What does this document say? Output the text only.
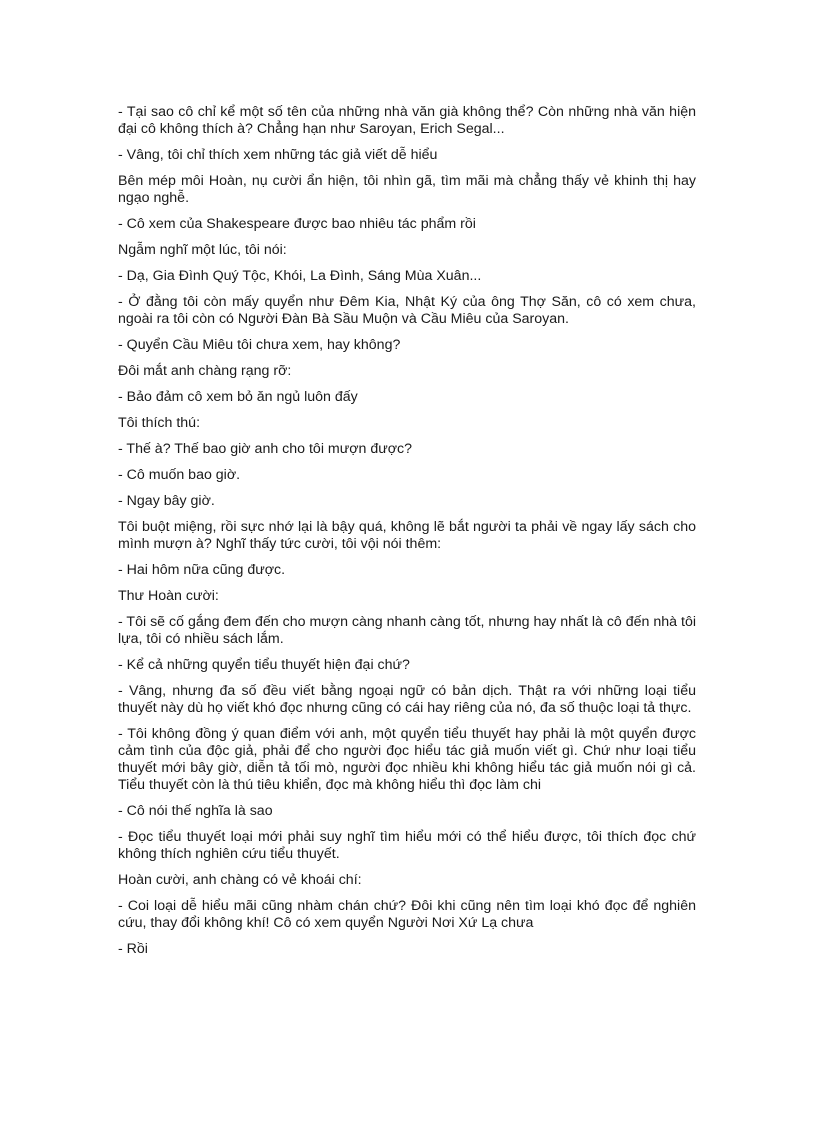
- Tại sao cô chỉ kể một số tên của những nhà văn già không thể? Còn những nhà văn hiện đại cô không thích à? Chẳng hạn như Saroyan, Erich Segal...

- Vâng, tôi chỉ thích xem những tác giả viết dễ hiểu

Bên mép môi Hoàn, nụ cười ẩn hiện, tôi nhìn gã, tìm mãi mà chẳng thấy vẻ khinh thị hay ngạo nghễ.

- Cô xem của Shakespeare được bao nhiêu tác phẩm rồi

Ngẫm nghĩ một lúc, tôi nói:

- Dạ, Gia Đình Quý Tộc, Khói, La Đình, Sáng Mùa Xuân...

- Ở đằng tôi còn mấy quyển như Đêm Kia, Nhật Ký của ông Thợ Săn, cô có xem chưa, ngoài ra tôi còn có Người Đàn Bà Sầu Muộn và Cầu Miêu của Saroyan.

- Quyển Cầu Miêu tôi chưa xem, hay không?

Đôi mắt anh chàng rạng rỡ:

- Bảo đảm cô xem bỏ ăn ngủ luôn đấy

Tôi thích thú:

- Thế à? Thế bao giờ anh cho tôi mượn được?

- Cô muốn bao giờ.

- Ngay bây giờ.

Tôi buột miệng, rồi sực nhớ lại là bậy quá, không lẽ bắt người ta phải về ngay lấy sách cho mình mượn à? Nghĩ thấy tức cười, tôi vội nói thêm:

- Hai hôm nữa cũng được.

Thư Hoàn cười:

- Tôi sẽ cố gắng đem đến cho mượn càng nhanh càng tốt, nhưng hay nhất là cô đến nhà tôi lựa, tôi có nhiều sách lắm.

- Kể cả những quyển tiểu thuyết hiện đại chứ?

- Vâng, nhưng đa số đều viết bằng ngoại ngữ có bản dịch. Thật ra với những loại tiểu thuyết này dù họ viết khó đọc nhưng cũng có cái hay riêng của nó, đa số thuộc loại tả thực.

- Tôi không đồng ý quan điểm với anh, một quyển tiểu thuyết hay phải là một quyển được cảm tình của độc giả, phải để cho người đọc hiểu tác giả muốn viết gì. Chứ như loại tiểu thuyết mới bây giờ, diễn tả tối mò, người đọc nhiều khi không hiểu tác giả muốn nói gì cả. Tiểu thuyết còn là thú tiêu khiển, đọc mà không hiểu thì đọc làm chi

- Cô nói thế nghĩa là sao

- Đọc tiểu thuyết loại mới phải suy nghĩ tìm hiểu mới có thể hiểu được, tôi thích đọc chứ không thích nghiên cứu tiểu thuyết.

Hoàn cười, anh chàng có vẻ khoái chí:

- Coi loại dễ hiểu mãi cũng nhàm chán chứ? Đôi khi cũng nên tìm loại khó đọc để nghiên cứu, thay đổi không khí! Cô có xem quyển Người Nơi Xứ Lạ chưa

- Rồi
